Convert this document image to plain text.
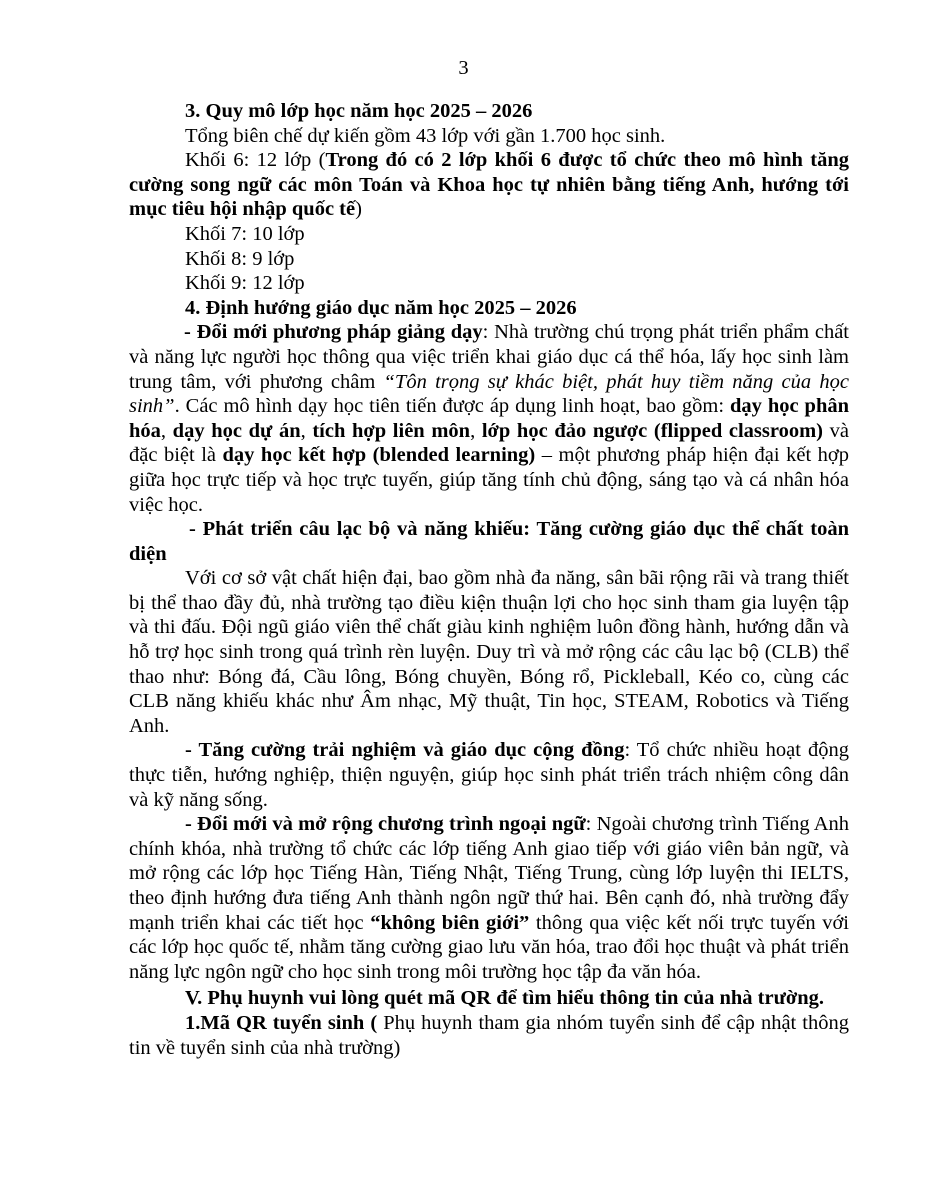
3

3. Quy mô lớp học năm học 2025 – 2026

Tổng biên chế dự kiến gồm 43 lớp với gần 1.700 học sinh.

Khối 6: 12 lớp (Trong đó có 2 lớp khối 6 được tổ chức theo mô hình tăng cường song ngữ các môn Toán và Khoa học tự nhiên bằng tiếng Anh, hướng tới mục tiêu hội nhập quốc tế)

Khối 7: 10 lớp

Khối 8: 9 lớp

Khối 9: 12 lớp

4. Định hướng giáo dục năm học 2025 – 2026

- Đổi mới phương pháp giảng dạy: Nhà trường chú trọng phát triển phẩm chất và năng lực người học thông qua việc triển khai giáo dục cá thể hóa, lấy học sinh làm trung tâm, với phương châm “Tôn trọng sự khác biệt, phát huy tiềm năng của học sinh”. Các mô hình dạy học tiên tiến được áp dụng linh hoạt, bao gồm: dạy học phân hóa, dạy học dự án, tích hợp liên môn, lớp học đảo ngược (flipped classroom) và đặc biệt là dạy học kết hợp (blended learning) – một phương pháp hiện đại kết hợp giữa học trực tiếp và học trực tuyến, giúp tăng tính chủ động, sáng tạo và cá nhân hóa việc học.

- Phát triển câu lạc bộ và năng khiếu: Tăng cường giáo dục thể chất toàn diện

Với cơ sở vật chất hiện đại, bao gồm nhà đa năng, sân bãi rộng rãi và trang thiết bị thể thao đầy đủ, nhà trường tạo điều kiện thuận lợi cho học sinh tham gia luyện tập và thi đấu. Đội ngũ giáo viên thể chất giàu kinh nghiệm luôn đồng hành, hướng dẫn và hỗ trợ học sinh trong quá trình rèn luyện. Duy trì và mở rộng các câu lạc bộ (CLB) thể thao như: Bóng đá, Cầu lông, Bóng chuyền, Bóng rổ, Pickleball, Kéo co, cùng các CLB năng khiếu khác như Âm nhạc, Mỹ thuật, Tin học, STEAM, Robotics và Tiếng Anh.

- Tăng cường trải nghiệm và giáo dục cộng đồng: Tổ chức nhiều hoạt động thực tiễn, hướng nghiệp, thiện nguyện, giúp học sinh phát triển trách nhiệm công dân và kỹ năng sống.

- Đổi mới và mở rộng chương trình ngoại ngữ: Ngoài chương trình Tiếng Anh chính khóa, nhà trường tổ chức các lớp tiếng Anh giao tiếp với giáo viên bản ngữ, và mở rộng các lớp học Tiếng Hàn, Tiếng Nhật, Tiếng Trung, cùng lớp luyện thi IELTS, theo định hướng đưa tiếng Anh thành ngôn ngữ thứ hai. Bên cạnh đó, nhà trường đẩy mạnh triển khai các tiết học “không biên giới” thông qua việc kết nối trực tuyến với các lớp học quốc tế, nhằm tăng cường giao lưu văn hóa, trao đổi học thuật và phát triển năng lực ngôn ngữ cho học sinh trong môi trường học tập đa văn hóa.

V. Phụ huynh vui lòng quét mã QR để tìm hiểu thông tin của nhà trường.

1.Mã QR tuyển sinh ( Phụ huynh tham gia nhóm tuyển sinh để cập nhật thông tin về tuyển sinh của nhà trường)
